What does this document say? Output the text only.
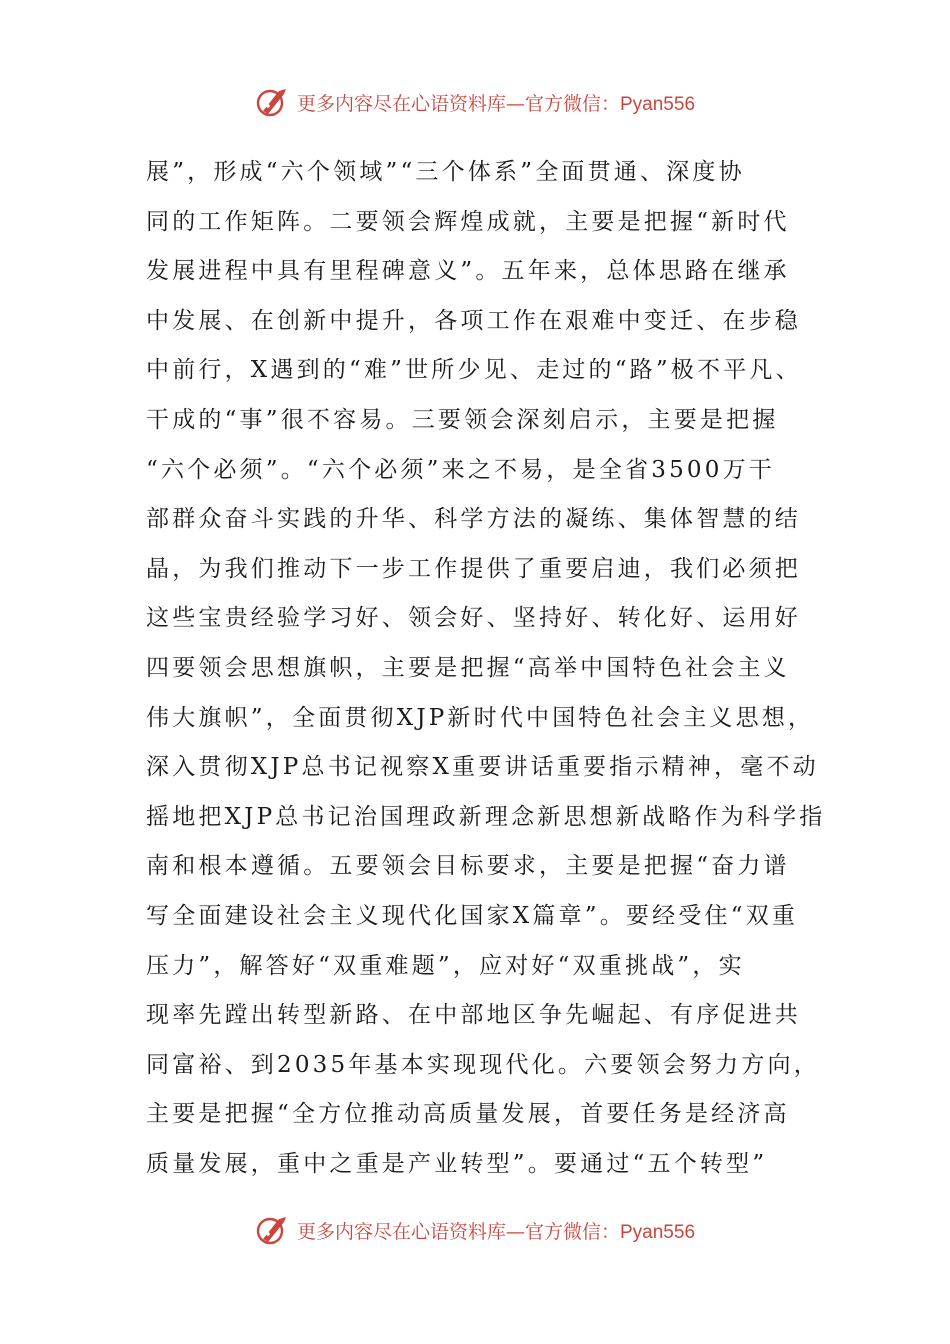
更多内容尽在心语资料库—官方微信：Pyan556
展”，形成“六个领域”“三个体系”全面贯通、深度协
同的工作矩阵。二要领会辉煌成就，主要是把握“新时代
发展进程中具有里程碑意义”。五年来，总体思路在继承
中发展、在创新中提升，各项工作在艰难中变迁、在步稳
中前行，X遇到的“难”世所少见、走过的“路”极不平凡、
干成的“事”很不容易。三要领会深刻启示，主要是把握
“六个必须”。“六个必须”来之不易，是全省3500万干
部群众奋斗实践的升华、科学方法的凝练、集体智慧的结
晶，为我们推动下一步工作提供了重要启迪，我们必须把
这些宝贵经验学习好、领会好、坚持好、转化好、运用好
四要领会思想旗帜，主要是把握“高举中国特色社会主义
伟大旗帜”，全面贯彻XJP新时代中国特色社会主义思想，
深入贯彻XJP总书记视察X重要讲话重要指示精神，毫不动
摇地把XJP总书记治国理政新理念新思想新战略作为科学指
南和根本遵循。五要领会目标要求，主要是把握“奋力谱
写全面建设社会主义现代化国家X篇章”。要经受住“双重
压力”，解答好“双重难题”，应对好“双重挑战”，实
现率先蹚出转型新路、在中部地区争先崛起、有序促进共
同富裕、到2035年基本实现现代化。六要领会努力方向，
主要是把握“全方位推动高质量发展，首要任务是经济高
质量发展，重中之重是产业转型”。要通过“五个转型”
更多内容尽在心语资料库—官方微信：Pyan556
